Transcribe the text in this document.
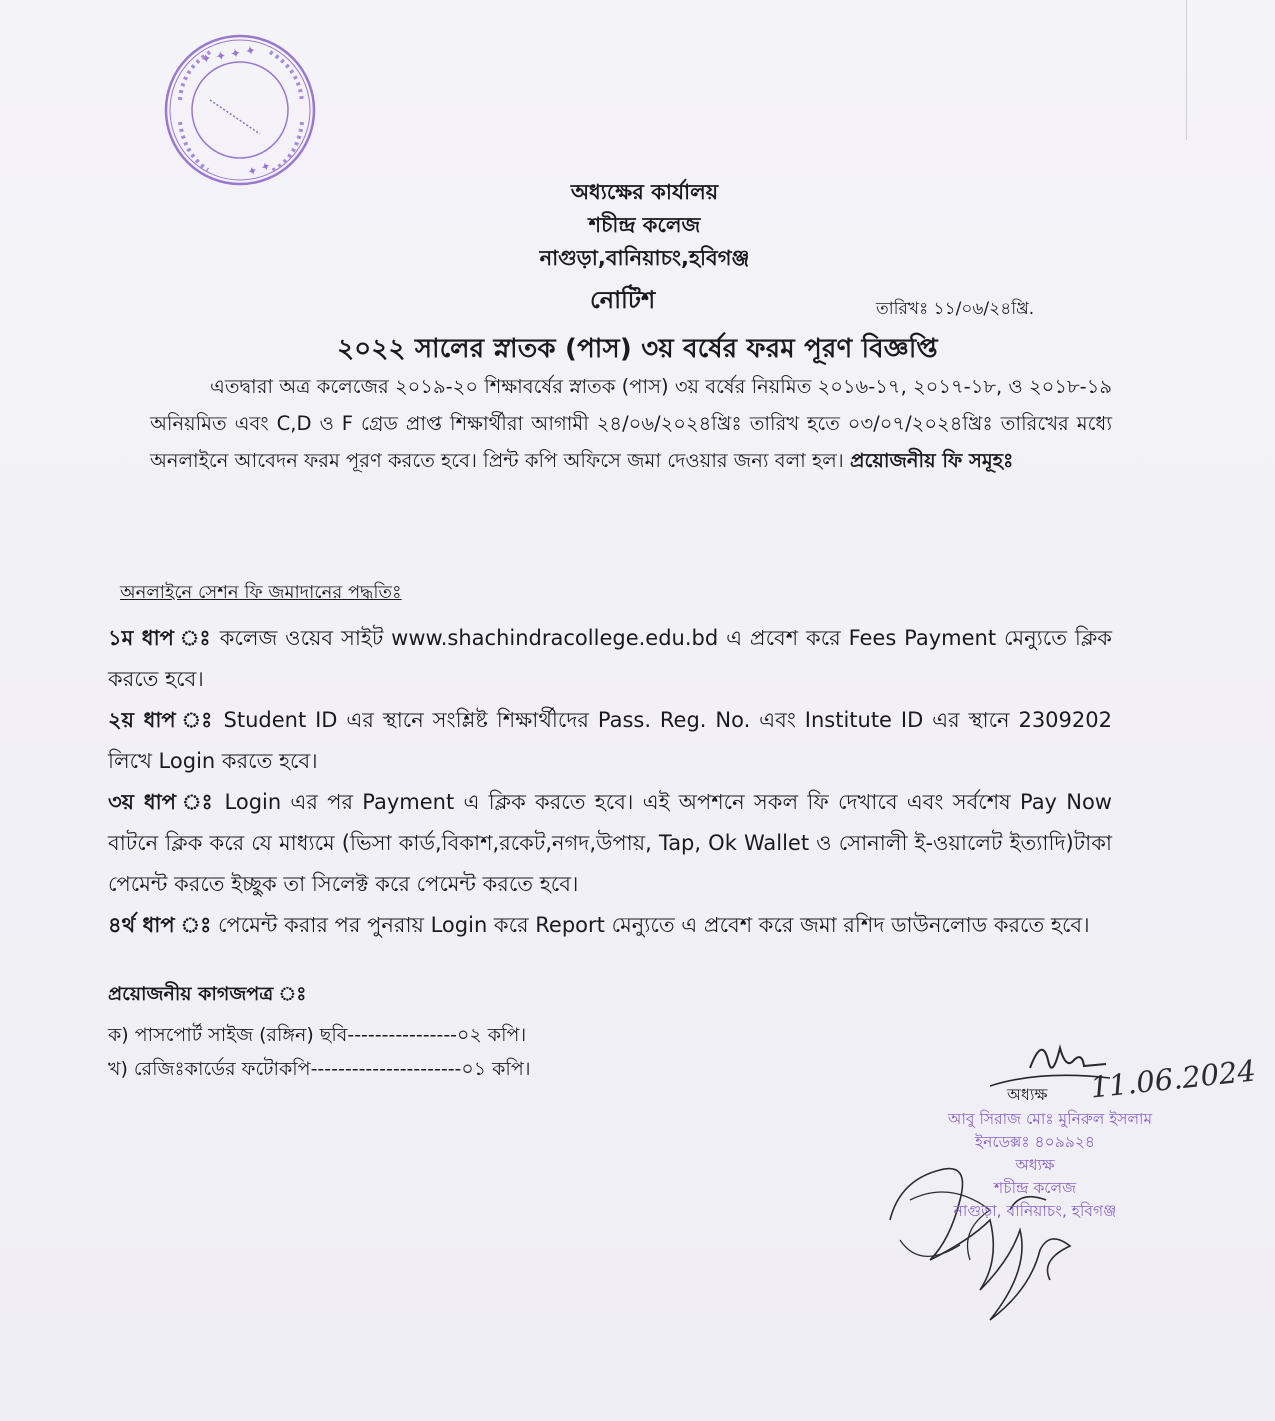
✦ ✦ ✦ ✦
✦ ✦
অধ্যক্ষের কার্যালয়
শচীন্দ্র কলেজ
নাগুড়া,বানিয়াচং,হবিগঞ্জ
নোটিশ	তারিখঃ ১১/০৬/২৪খ্রি.
২০২২ সালের স্নাতক (পাস) ৩য় বর্ষের ফরম পূরণ বিজ্ঞপ্তি
এতদ্বারা অত্র কলেজের ২০১৯-২০ শিক্ষাবর্ষের স্নাতক (পাস) ৩য় বর্ষের নিয়মিত ২০১৬-১৭, ২০১৭-১৮, ও ২০১৮-১৯ অনিয়মিত এবং C,D ও F গ্রেড প্রাপ্ত শিক্ষার্থীরা আগামী ২৪/০৬/২০২৪খ্রিঃ তারিখ হতে ০৩/০৭/২০২৪খ্রিঃ তারিখের মধ্যে অনলাইনে আবেদন ফরম পূরণ করতে হবে। প্রিন্ট কপি অফিসে জমা দেওয়ার জন্য বলা হল। প্রয়োজনীয় ফি সমূহঃ
অনলাইনে সেশন ফি জমাদানের পদ্ধতিঃ
১ম ধাপ ঃ কলেজ ওয়েব সাইট www.shachindracollege.edu.bd এ প্রবেশ করে Fees Payment মেন্যুতে ক্লিক করতে হবে।
২য় ধাপ ঃ Student ID এর স্থানে সংশ্লিষ্ট শিক্ষার্থীদের Pass. Reg. No. এবং Institute ID এর স্থানে 2309202 লিখে Login করতে হবে।
৩য় ধাপ ঃ Login এর পর Payment এ ক্লিক করতে হবে। এই অপশনে সকল ফি দেখাবে এবং সর্বশেষ Pay Now বাটনে ক্লিক করে যে মাধ্যমে (ভিসা কার্ড,বিকাশ,রকেট,নগদ,উপায়, Tap, Ok Wallet ও সোনালী ই-ওয়ালেট ইত্যাদি)টাকা পেমেন্ট করতে ইচ্ছুক তা সিলেক্ট করে পেমেন্ট করতে হবে।
৪র্থ ধাপ ঃ পেমেন্ট করার পর পুনরায় Login করে Report মেন্যুতে এ প্রবেশ করে জমা রশিদ ডাউনলোড করতে হবে।
প্রয়োজনীয় কাগজপত্র ঃ
ক) পাসপোর্ট সাইজ (রঙ্গিন) ছবি----------------০২ কপি।
খ) রেজিঃকার্ডের ফটোকপি----------------------০১ কপি।	11.06.2024
অধ্যক্ষ
আবু সিরাজ মোঃ মুনিরুল ইসলাম
ইনডেক্সঃ ৪০৯৯২৪
অধ্যক্ষ
শচীন্দ্র কলেজ
নাগুড়া, বানিয়াচং, হবিগঞ্জ
